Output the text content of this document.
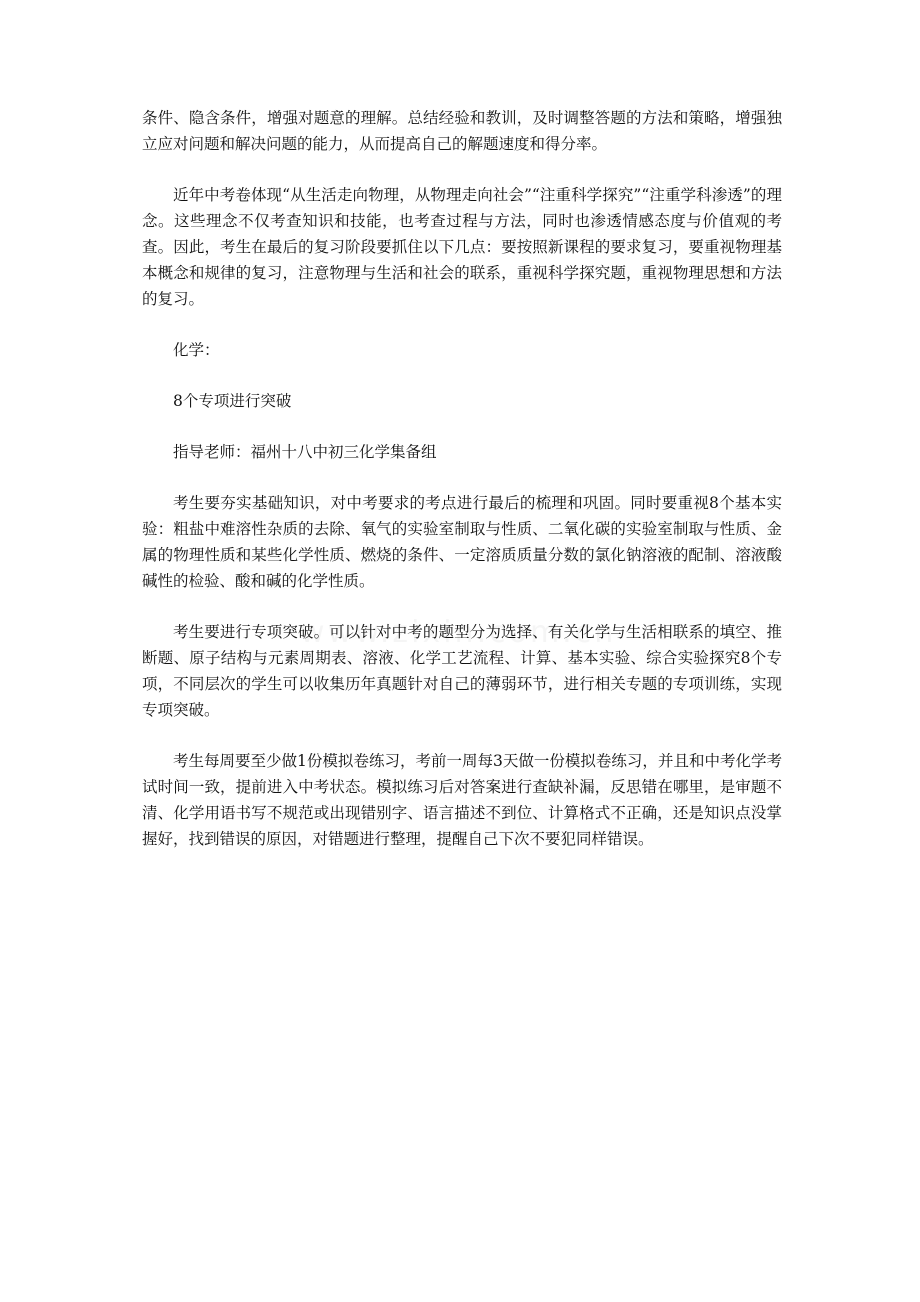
条件、隐含条件，增强对题意的理解。总结经验和教训，及时调整答题的方法和策略，增强独立应对问题和解决问题的能力，从而提高自己的解题速度和得分率。

近年中考卷体现“从生活走向物理，从物理走向社会”“注重科学探究”“注重学科渗透”的理念。这些理念不仅考查知识和技能，也考查过程与方法，同时也渗透情感态度与价值观的考查。因此，考生在最后的复习阶段要抓住以下几点：要按照新课程的要求复习，要重视物理基本概念和规律的复习，注意物理与生活和社会的联系，重视科学探究题，重视物理思想和方法的复习。

化学：

8个专项进行突破

指导老师：福州十八中初三化学集备组

考生要夯实基础知识，对中考要求的考点进行最后的梳理和巩固。同时要重视8个基本实验：粗盐中难溶性杂质的去除、氧气的实验室制取与性质、二氧化碳的实验室制取与性质、金属的物理性质和某些化学性质、燃烧的条件、一定溶质质量分数的氯化钠溶液的配制、溶液酸碱性的检验、酸和碱的化学性质。

考生要进行专项突破。可以针对中考的题型分为选择、有关化学与生活相联系的填空、推断题、原子结构与元素周期表、溶液、化学工艺流程、计算、基本实验、综合实验探究8个专项，不同层次的学生可以收集历年真题针对自己的薄弱环节，进行相关专题的专项训练，实现专项突破。

考生每周要至少做1份模拟卷练习，考前一周每3天做一份模拟卷练习，并且和中考化学考试时间一致，提前进入中考状态。模拟练习后对答案进行查缺补漏，反思错在哪里，是审题不清、化学用语书写不规范或出现错别字、语言描述不到位、计算格式不正确，还是知识点没掌握好，找到错误的原因，对错题进行整理，提醒自己下次不要犯同样错误。
